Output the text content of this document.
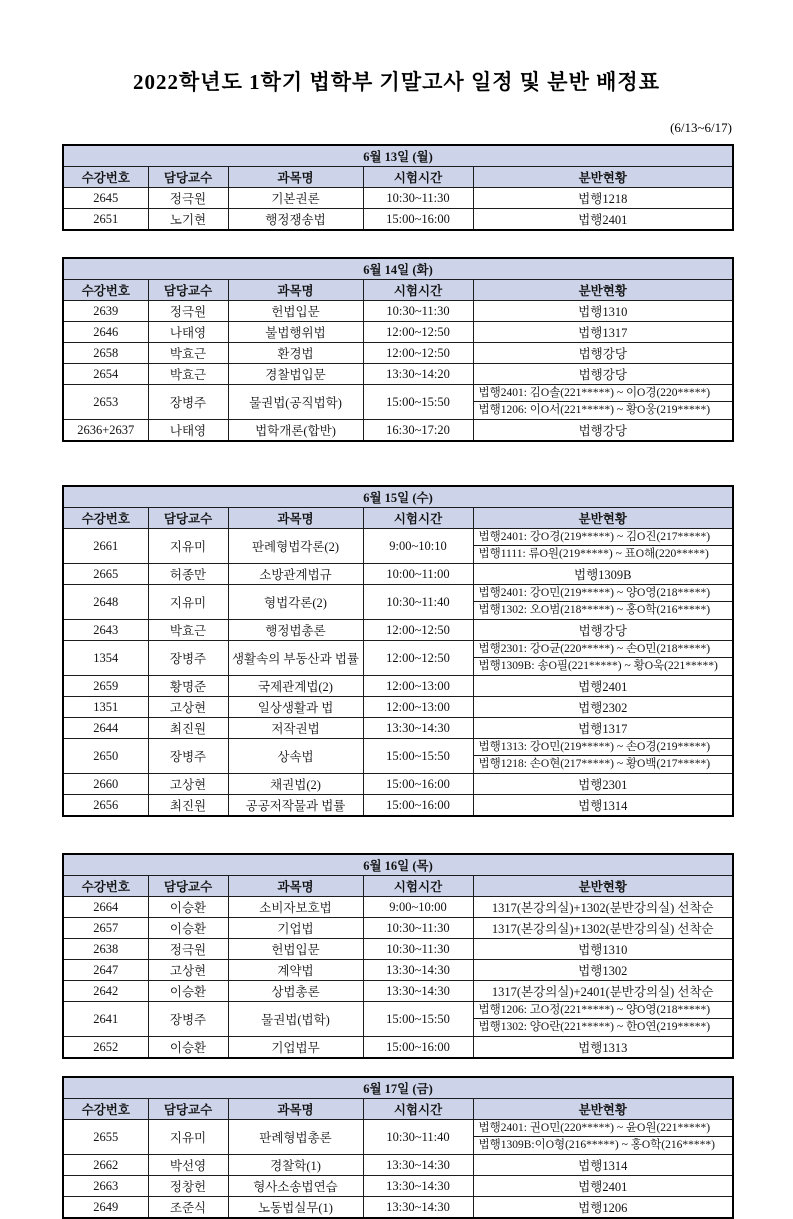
2022학년도 1학기 법학부 기말고사 일정 및 분반 배정표
(6/13~6/17)
6월 13일 (월)				
수강번호	담당교수	과목명	시험시간	분반현황
2645	정극원	기본권론	10:30~11:30	법행1218
2651	노기현	행정쟁송법	15:00~16:00	법행2401
6월 14일 (화)				
수강번호	담당교수	과목명	시험시간	분반현황
2639	정극원	헌법입문	10:30~11:30	법행1310
2646	나태영	불법행위법	12:00~12:50	법행1317
2658	박효근	환경법	12:00~12:50	법행강당
2654	박효근	경찰법입문	13:30~14:20	법행강당
2653	장병주	물권법(공직법학)	15:00~15:50	법행2401: 김O솔(221*****) ~ 이O경(220*****)
법행1206: 이O서(221*****) ~ 황O웅(219*****)

2636+2637	나태영	법학개론(합반)	16:30~17:20	법행강당
6월 15일 (수)				
수강번호	담당교수	과목명	시험시간	분반현황
2661	지유미	판례형법각론(2)	9:00~10:10	법행2401: 강O경(219*****) ~ 김O진(217*****)
법행1111: 류O원(219*****) ~ 표O해(220*****)

2665	허종만	소방관계법규	10:00~11:00	법행1309B
2648	지유미	형법각론(2)	10:30~11:40	법행2401: 강O민(219*****) ~ 양O영(218*****)
법행1302: 오O범(218*****) ~ 홍O학(216*****)

2643	박효근	행정법총론	12:00~12:50	법행강당
1354	장병주	생활속의 부동산과 법률	12:00~12:50	법행2301: 강O균(220*****) ~ 손O민(218*****)
법행1309B: 송O필(221*****) ~ 황O욱(221*****)

2659	황명준	국제관계법(2)	12:00~13:00	법행2401
1351	고상현	일상생활과 법	12:00~13:00	법행2302
2644	최진원	저작권법	13:30~14:30	법행1317
2650	장병주	상속법	15:00~15:50	법행1313: 강O민(219*****) ~ 손O경(219*****)
법행1218: 손O현(217*****) ~ 황O백(217*****)

2660	고상현	채권법(2)	15:00~16:00	법행2301
2656	최진원	공공저작물과 법률	15:00~16:00	법행1314
6월 16일 (목)				
수강번호	담당교수	과목명	시험시간	분반현황
2664	이승환	소비자보호법	9:00~10:00	1317(본강의실)+1302(분반강의실) 선착순
2657	이승환	기업법	10:30~11:30	1317(본강의실)+1302(분반강의실) 선착순
2638	정극원	헌법입문	10:30~11:30	법행1310
2647	고상현	계약법	13:30~14:30	법행1302
2642	이승환	상법총론	13:30~14:30	1317(본강의실)+2401(분반강의실) 선착순
2641	장병주	물권법(법학)	15:00~15:50	법행1206: 고O정(221*****) ~ 양O영(218*****)
법행1302: 양O란(221*****) ~ 한O연(219*****)

2652	이승환	기업법무	15:00~16:00	법행1313
6월 17일 (금)				
수강번호	담당교수	과목명	시험시간	분반현황
2655	지유미	판례형법총론	10:30~11:40	법행2401: 권O민(220*****) ~ 윤O원(221*****)
법행1309B:이O형(216*****) ~ 홍O학(216*****)

2662	박선영	경찰학(1)	13:30~14:30	법행1314
2663	정창헌	형사소송법연습	13:30~14:30	법행2401
2649	조준식	노동법실무(1)	13:30~14:30	법행1206
